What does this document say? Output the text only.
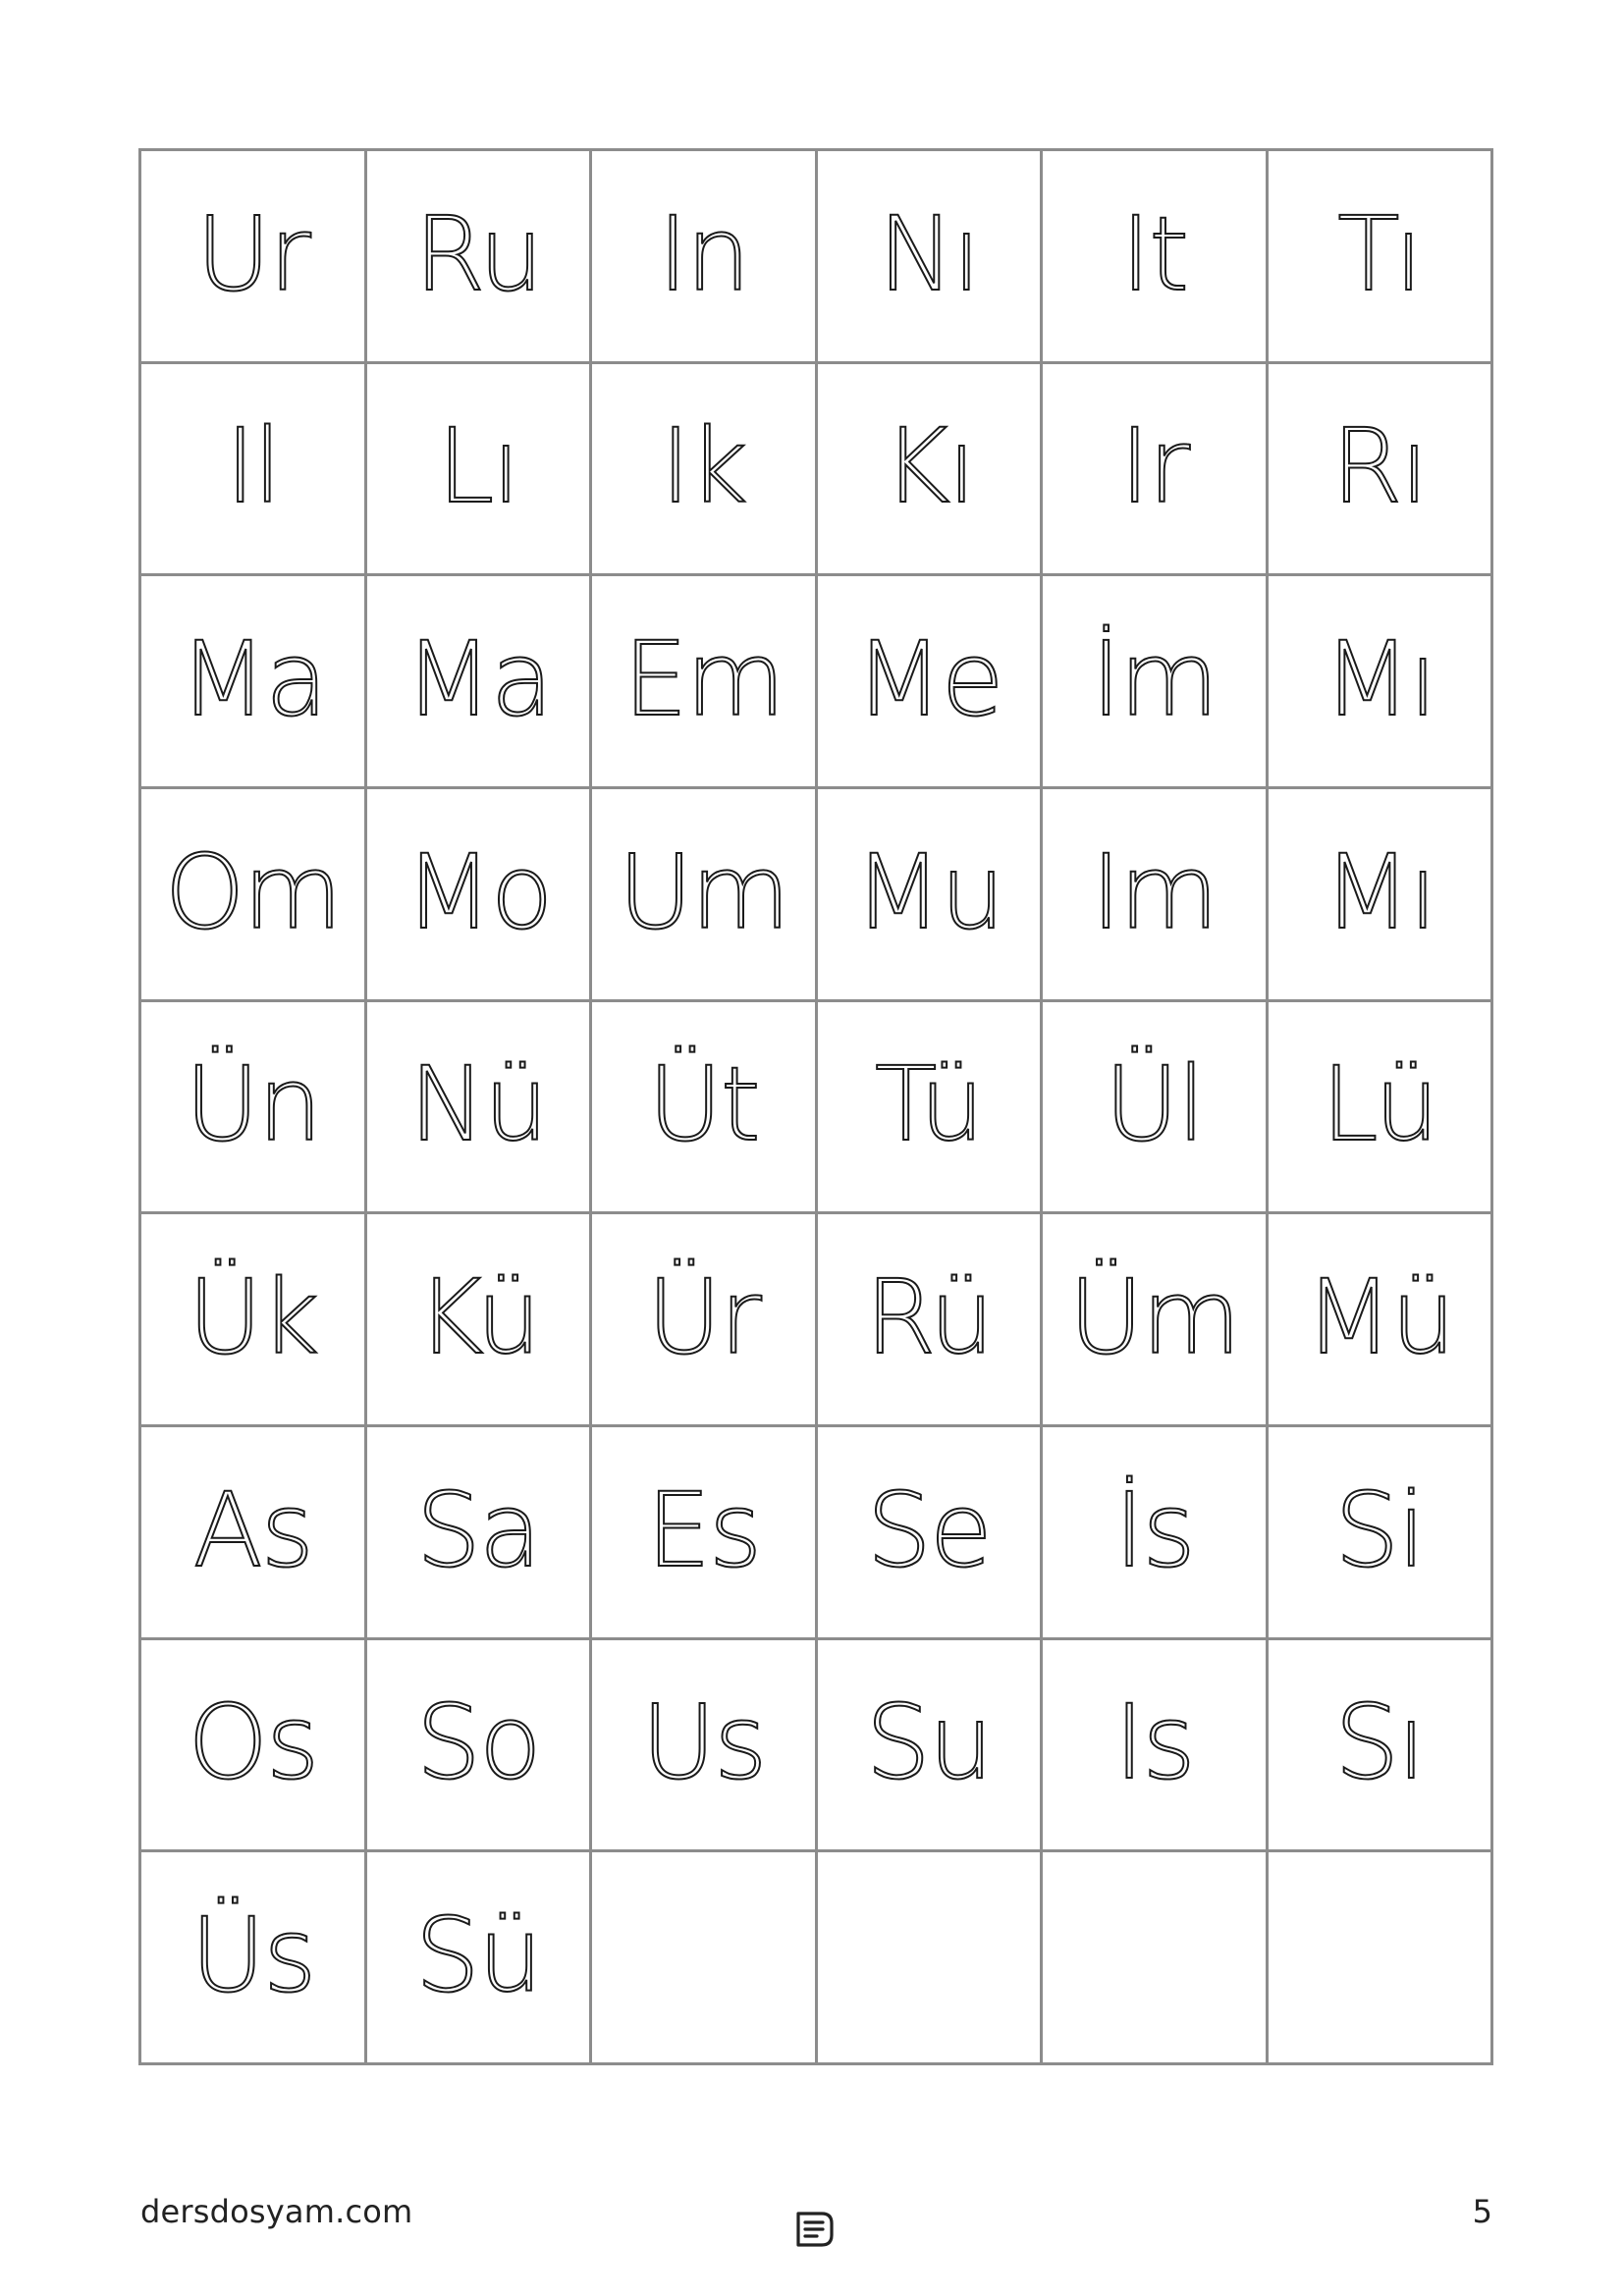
Ur Ru In Nı It Tı
Il Lı Ik Kı Ir Rı
Ma Ma Em Me İm Mı
Om Mo Um Mu Im Mı
Ün Nü Üt Tü Ül Lü
Ük Kü Ür Rü Üm Mü
As Sa Es Se İs Si
Os So Us Su Is Sı
Üs Sü
dersdosyam.com	5
